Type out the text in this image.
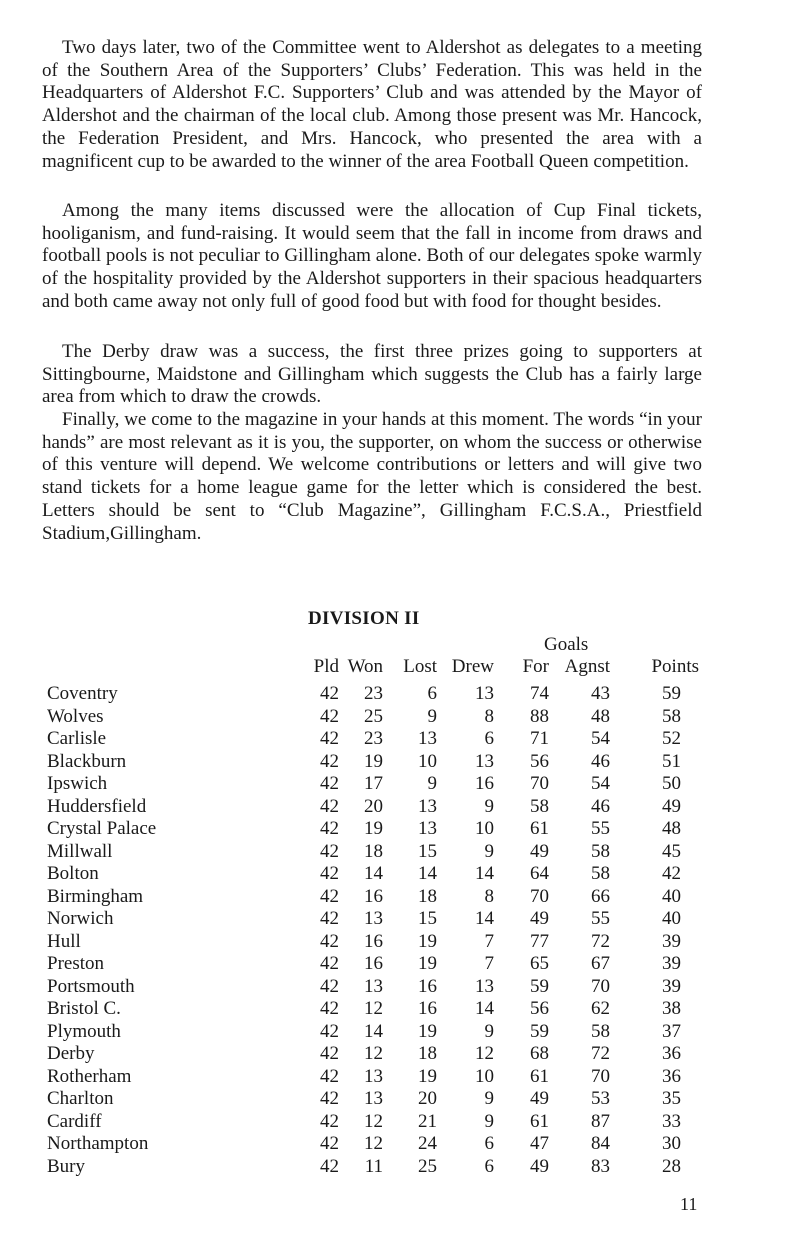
Two days later, two of the Committee went to Aldershot as delegates to a meeting of the Southern Area of the Supporters’ Clubs’ Federation. This was held in the Headquarters of Aldershot F.C. Supporters’ Club and was attended by the Mayor of Aldershot and the chairman of the local club. Among those present was Mr. Hancock, the Federation President, and Mrs. Hancock, who presented the area with a magnificent cup to be awarded to the winner of the area Football Queen competition.

Among the many items discussed were the allocation of Cup Final tickets, hooliganism, and fund-raising. It would seem that the fall in income from draws and football pools is not peculiar to Gillingham alone. Both of our delegates spoke warmly of the hospitality provided by the Aldershot supporters in their spacious headquarters and both came away not only full of good food but with food for thought besides.

The Derby draw was a success, the first three prizes going to supporters at Sittingbourne, Maidstone and Gillingham which suggests the Club has a fairly large area from which to draw the crowds.

Finally, we come to the magazine in your hands at this moment. The words “in your hands” are most relevant as it is you, the supporter, on whom the success or otherwise of this venture will depend. We welcome contributions or letters and will give two stand tickets for a home league game for the letter which is considered the best. Letters should be sent to “Club Magazine”, Gillingham F.C.S.A., Priestfield Stadium,Gillingham.

DIVISION II
Goals
Pld Won Lost Drew For Agnst Points
Coventry	42 23 6 13 74 43	59
Wolves	42 25 9	8 88 48	58
Carlisle	42 23 13	6 71 54	52
Blackburn	42 19 10 13 56 46	51
Ipswich	42 17 9 16 70 54	50
Huddersfield	42 20 13	9 58 46	49
Crystal Palace	42 19 13 10 61 55	48
Millwall	42 18 15	9 49 58	45
Bolton	42 14 14 14 64 58	42
Birmingham	42 16 18	8 70 66	40
Norwich	42 13 15 14 49 55	40
Hull	42 16 19	7 77 72	39
Preston	42 16 19	7 65 67	39
Portsmouth	42 13 16 13 59 70	39
Bristol C.	42 12 16 14 56 62	38
Plymouth	42 14 19	9 59 58	37
Derby	42 12 18 12 68 72	36
Rotherham	42 13 19 10 61 70	36
Charlton	42 13 20	9 49 53	35
Cardiff	42 12 21	9 61 87	33
Northampton	42 12 24	6 47 84	30
Bury	42 11 25	6 49 83	28
11
